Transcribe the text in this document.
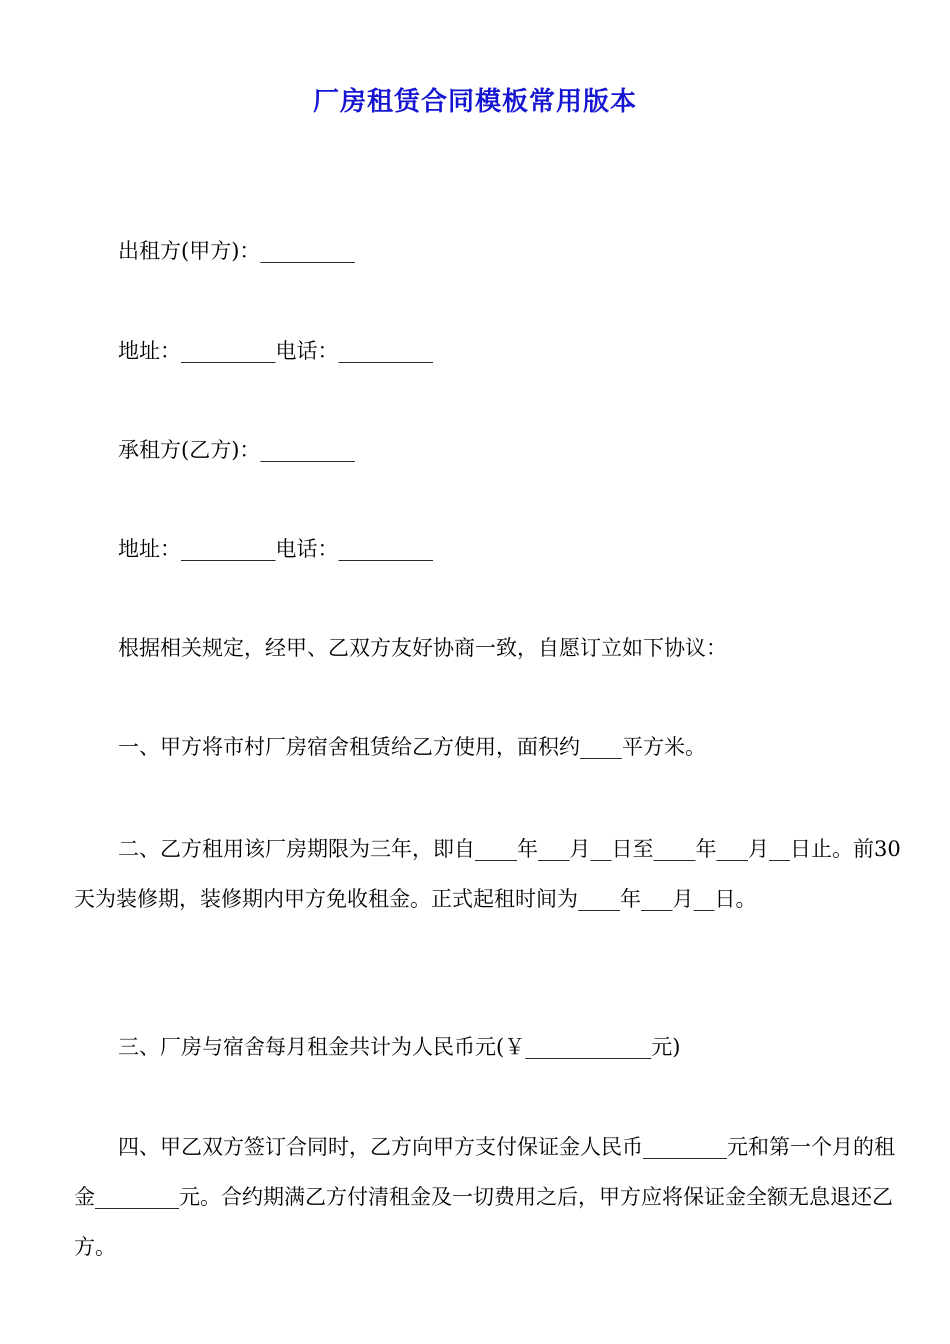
厂房租赁合同模板常用版本
出租方(甲方)：_________
地址：_________电话：_________
承租方(乙方)：_________
地址：_________电话：_________
根据相关规定，经甲、乙双方友好协商一致，自愿订立如下协议：
一、甲方将市村厂房宿舍租赁给乙方使用，面积约____平方米。
二、乙方租用该厂房期限为三年，即自____年___月__日至____年___月__日止。前30天为装修期，装修期内甲方免收租金。正式起租时间为____年___月__日。
三、厂房与宿舍每月租金共计为人民币元(￥____________元)
四、甲乙双方签订合同时，乙方向甲方支付保证金人民币________元和第一个月的租金________元。合约期满乙方付清租金及一切费用之后，甲方应将保证金全额无息退还乙方。
